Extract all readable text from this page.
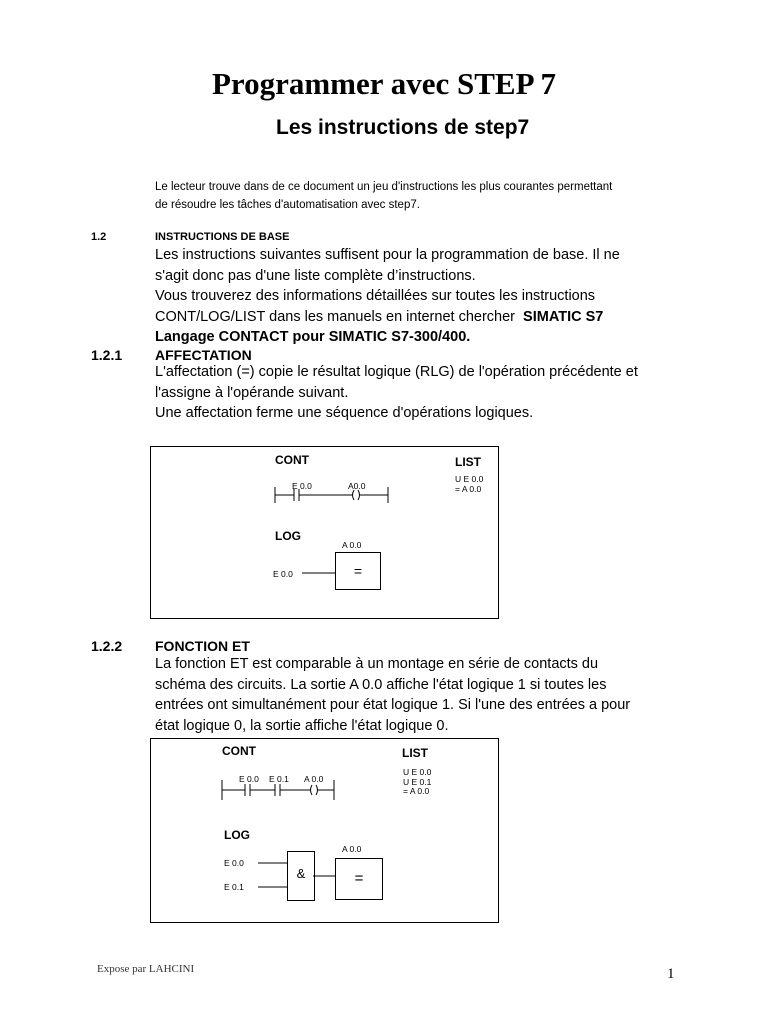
Programmer avec STEP 7
Les instructions de step7
Le lecteur trouve dans de ce document un jeu d'instructions les plus courantes permettant
de résoudre les tâches d'automatisation avec step7.
1.2	INSTRUCTIONS DE BASE
Les instructions suivantes suffisent pour la programmation de base. Il ne
s'agit donc pas d'une liste complète d’instructions.
Vous trouverez des informations détaillées sur toutes les instructions
CONT/LOG/LIST dans les manuels en internet chercher SIMATIC S7
Langage CONTACT pour SIMATIC S7-300/400.
1.2.1 AFFECTATION
L'affectation (=) copie le résultat logique (RLG) de l'opération précédente et
l'assigne à l'opérande suivant.
Une affectation ferme une séquence d'opérations logiques.
CONT	LIST
U E 0.0
= A 0.0
E 0.0	A0.0
LOG
A 0.0
E 0.0	=
1.2.2 FONCTION ET
La fonction ET est comparable à un montage en série de contacts du
schéma des circuits. La sortie A 0.0 affiche l'état logique 1 si toutes les
entrées ont simultanément pour état logique 1. Si l'une des entrées a pour
état logique 0, la sortie affiche l'état logique 0.
CONT	LIST
U E 0.0
U E 0.1
= A 0.0
E 0.0 E 0.1 A 0.0
LOG
E 0.0
E 0.1
&
A 0.0
=
Expose par LAHCINI	1
